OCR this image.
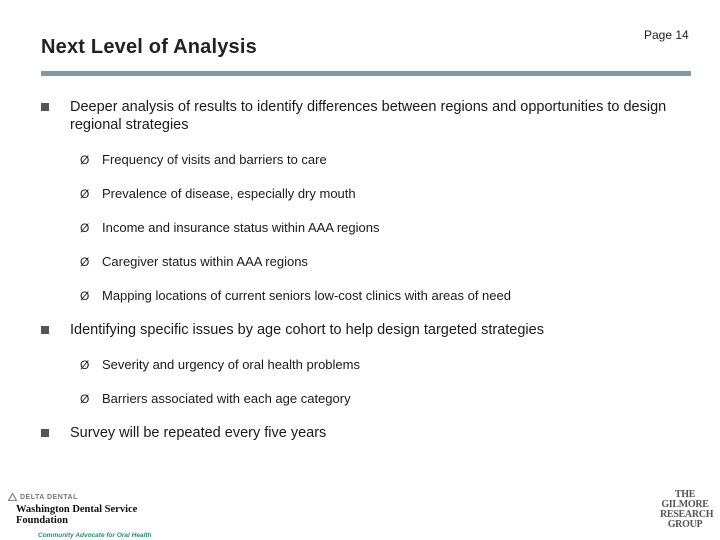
Page 14
Next Level of Analysis
Deeper analysis of results to identify differences between regions and opportunities to design regional strategies
Ø Frequency of visits and barriers to care
Ø Prevalence of disease, especially dry mouth
Ø Income and insurance status within AAA regions
Ø Caregiver status within AAA regions
Ø Mapping locations of current seniors low-cost clinics with areas of need
Identifying specific issues by age cohort to help design targeted strategies
Ø Severity and urgency of oral health problems
Ø Barriers associated with each age category
Survey will be repeated every five years
DELTA DENTAL
Washington Dental Service
Foundation
Community Advocate for Oral Health
THE
GILMORE
RESEARCH
GROUP
